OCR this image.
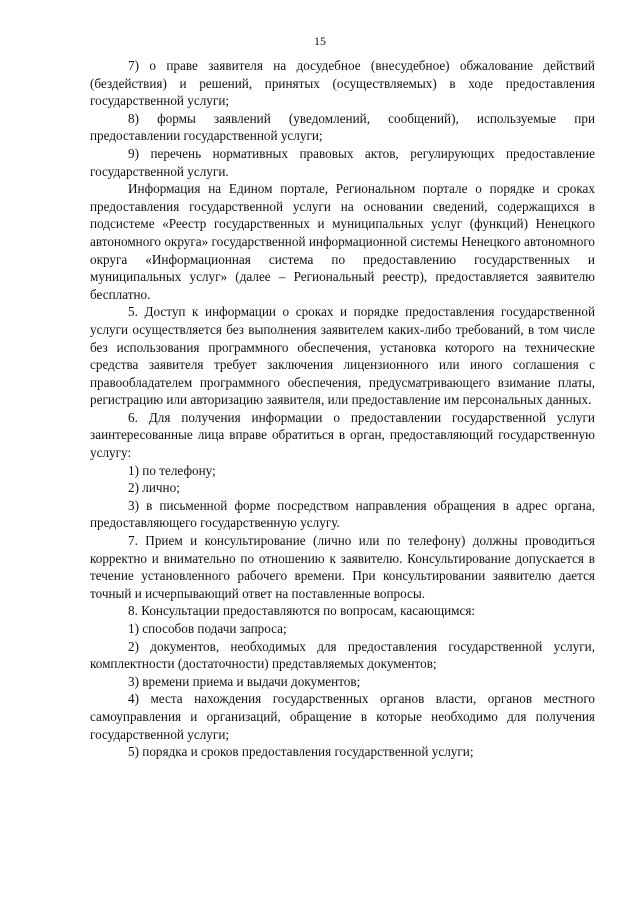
15

7) о праве заявителя на досудебное (внесудебное) обжалование действий (бездействия) и решений, принятых (осуществляемых) в ходе предоставления государственной услуги;

8) формы заявлений (уведомлений, сообщений), используемые при предоставлении государственной услуги;

9) перечень нормативных правовых актов, регулирующих предоставление государственной услуги.

Информация на Едином портале, Региональном портале о порядке и сроках предоставления государственной услуги на основании сведений, содержащихся в подсистеме «Реестр государственных и муниципальных услуг (функций) Ненецкого автономного округа» государственной информационной системы Ненецкого автономного округа «Информационная система по предоставлению государственных и муниципальных услуг» (далее – Региональный реестр), предоставляется заявителю бесплатно.

5. Доступ к информации о сроках и порядке предоставления государственной услуги осуществляется без выполнения заявителем каких-либо требований, в том числе без использования программного обеспечения, установка которого на технические средства заявителя требует заключения лицензионного или иного соглашения с правообладателем программного обеспечения, предусматривающего взимание платы, регистрацию или авторизацию заявителя, или предоставление им персональных данных.

6. Для получения информации о предоставлении государственной услуги заинтересованные лица вправе обратиться в орган, предоставляющий государственную услугу:

1) по телефону;

2) лично;

3) в письменной форме посредством направления обращения в адрес органа, предоставляющего государственную услугу.

7. Прием и консультирование (лично или по телефону) должны проводиться корректно и внимательно по отношению к заявителю. Консультирование допускается в течение установленного рабочего времени. При консультировании заявителю дается точный и исчерпывающий ответ на поставленные вопросы.

8. Консультации предоставляются по вопросам, касающимся:

1) способов подачи запроса;

2) документов, необходимых для предоставления государственной услуги, комплектности (достаточности) представляемых документов;

3) времени приема и выдачи документов;

4) места нахождения государственных органов власти, органов местного самоуправления и организаций, обращение в которые необходимо для получения государственной услуги;

5) порядка и сроков предоставления государственной услуги;
